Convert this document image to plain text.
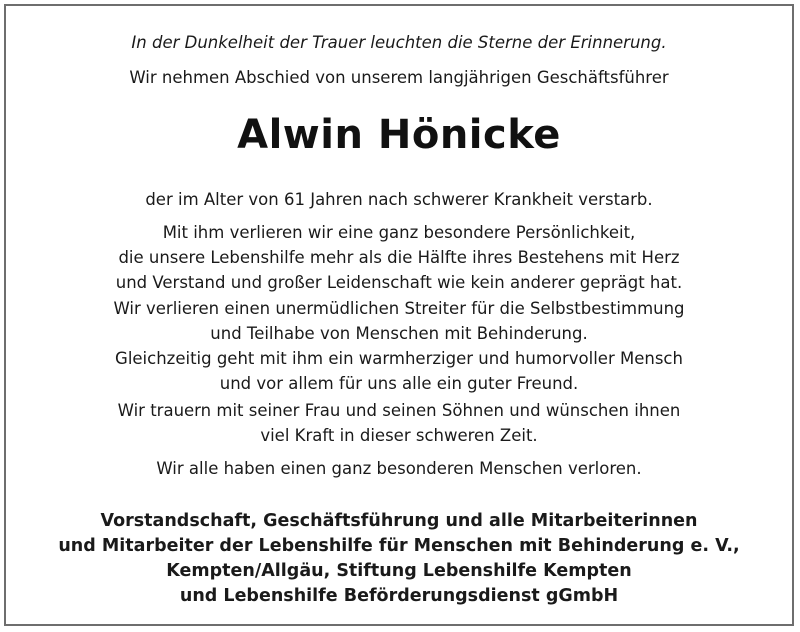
In der Dunkelheit der Trauer leuchten die Sterne der Erinnerung.
Wir nehmen Abschied von unserem langjährigen Geschäftsführer
Alwin Hönicke
der im Alter von 61 Jahren nach schwerer Krankheit verstarb.
Mit ihm verlieren wir eine ganz besondere Persönlichkeit,
die unsere Lebenshilfe mehr als die Hälfte ihres Bestehens mit Herz
und Verstand und großer Leidenschaft wie kein anderer geprägt hat.
Wir verlieren einen unermüdlichen Streiter für die Selbstbestimmung
und Teilhabe von Menschen mit Behinderung.
Gleichzeitig geht mit ihm ein warmherziger und humorvoller Mensch
und vor allem für uns alle ein guter Freund.
Wir trauern mit seiner Frau und seinen Söhnen und wünschen ihnen
viel Kraft in dieser schweren Zeit.
Wir alle haben einen ganz besonderen Menschen verloren.
Vorstandschaft, Geschäftsführung und alle Mitarbeiterinnen
und Mitarbeiter der Lebenshilfe für Menschen mit Behinderung e. V.,
Kempten/Allgäu, Stiftung Lebenshilfe Kempten
und Lebenshilfe Beförderungsdienst gGmbH
